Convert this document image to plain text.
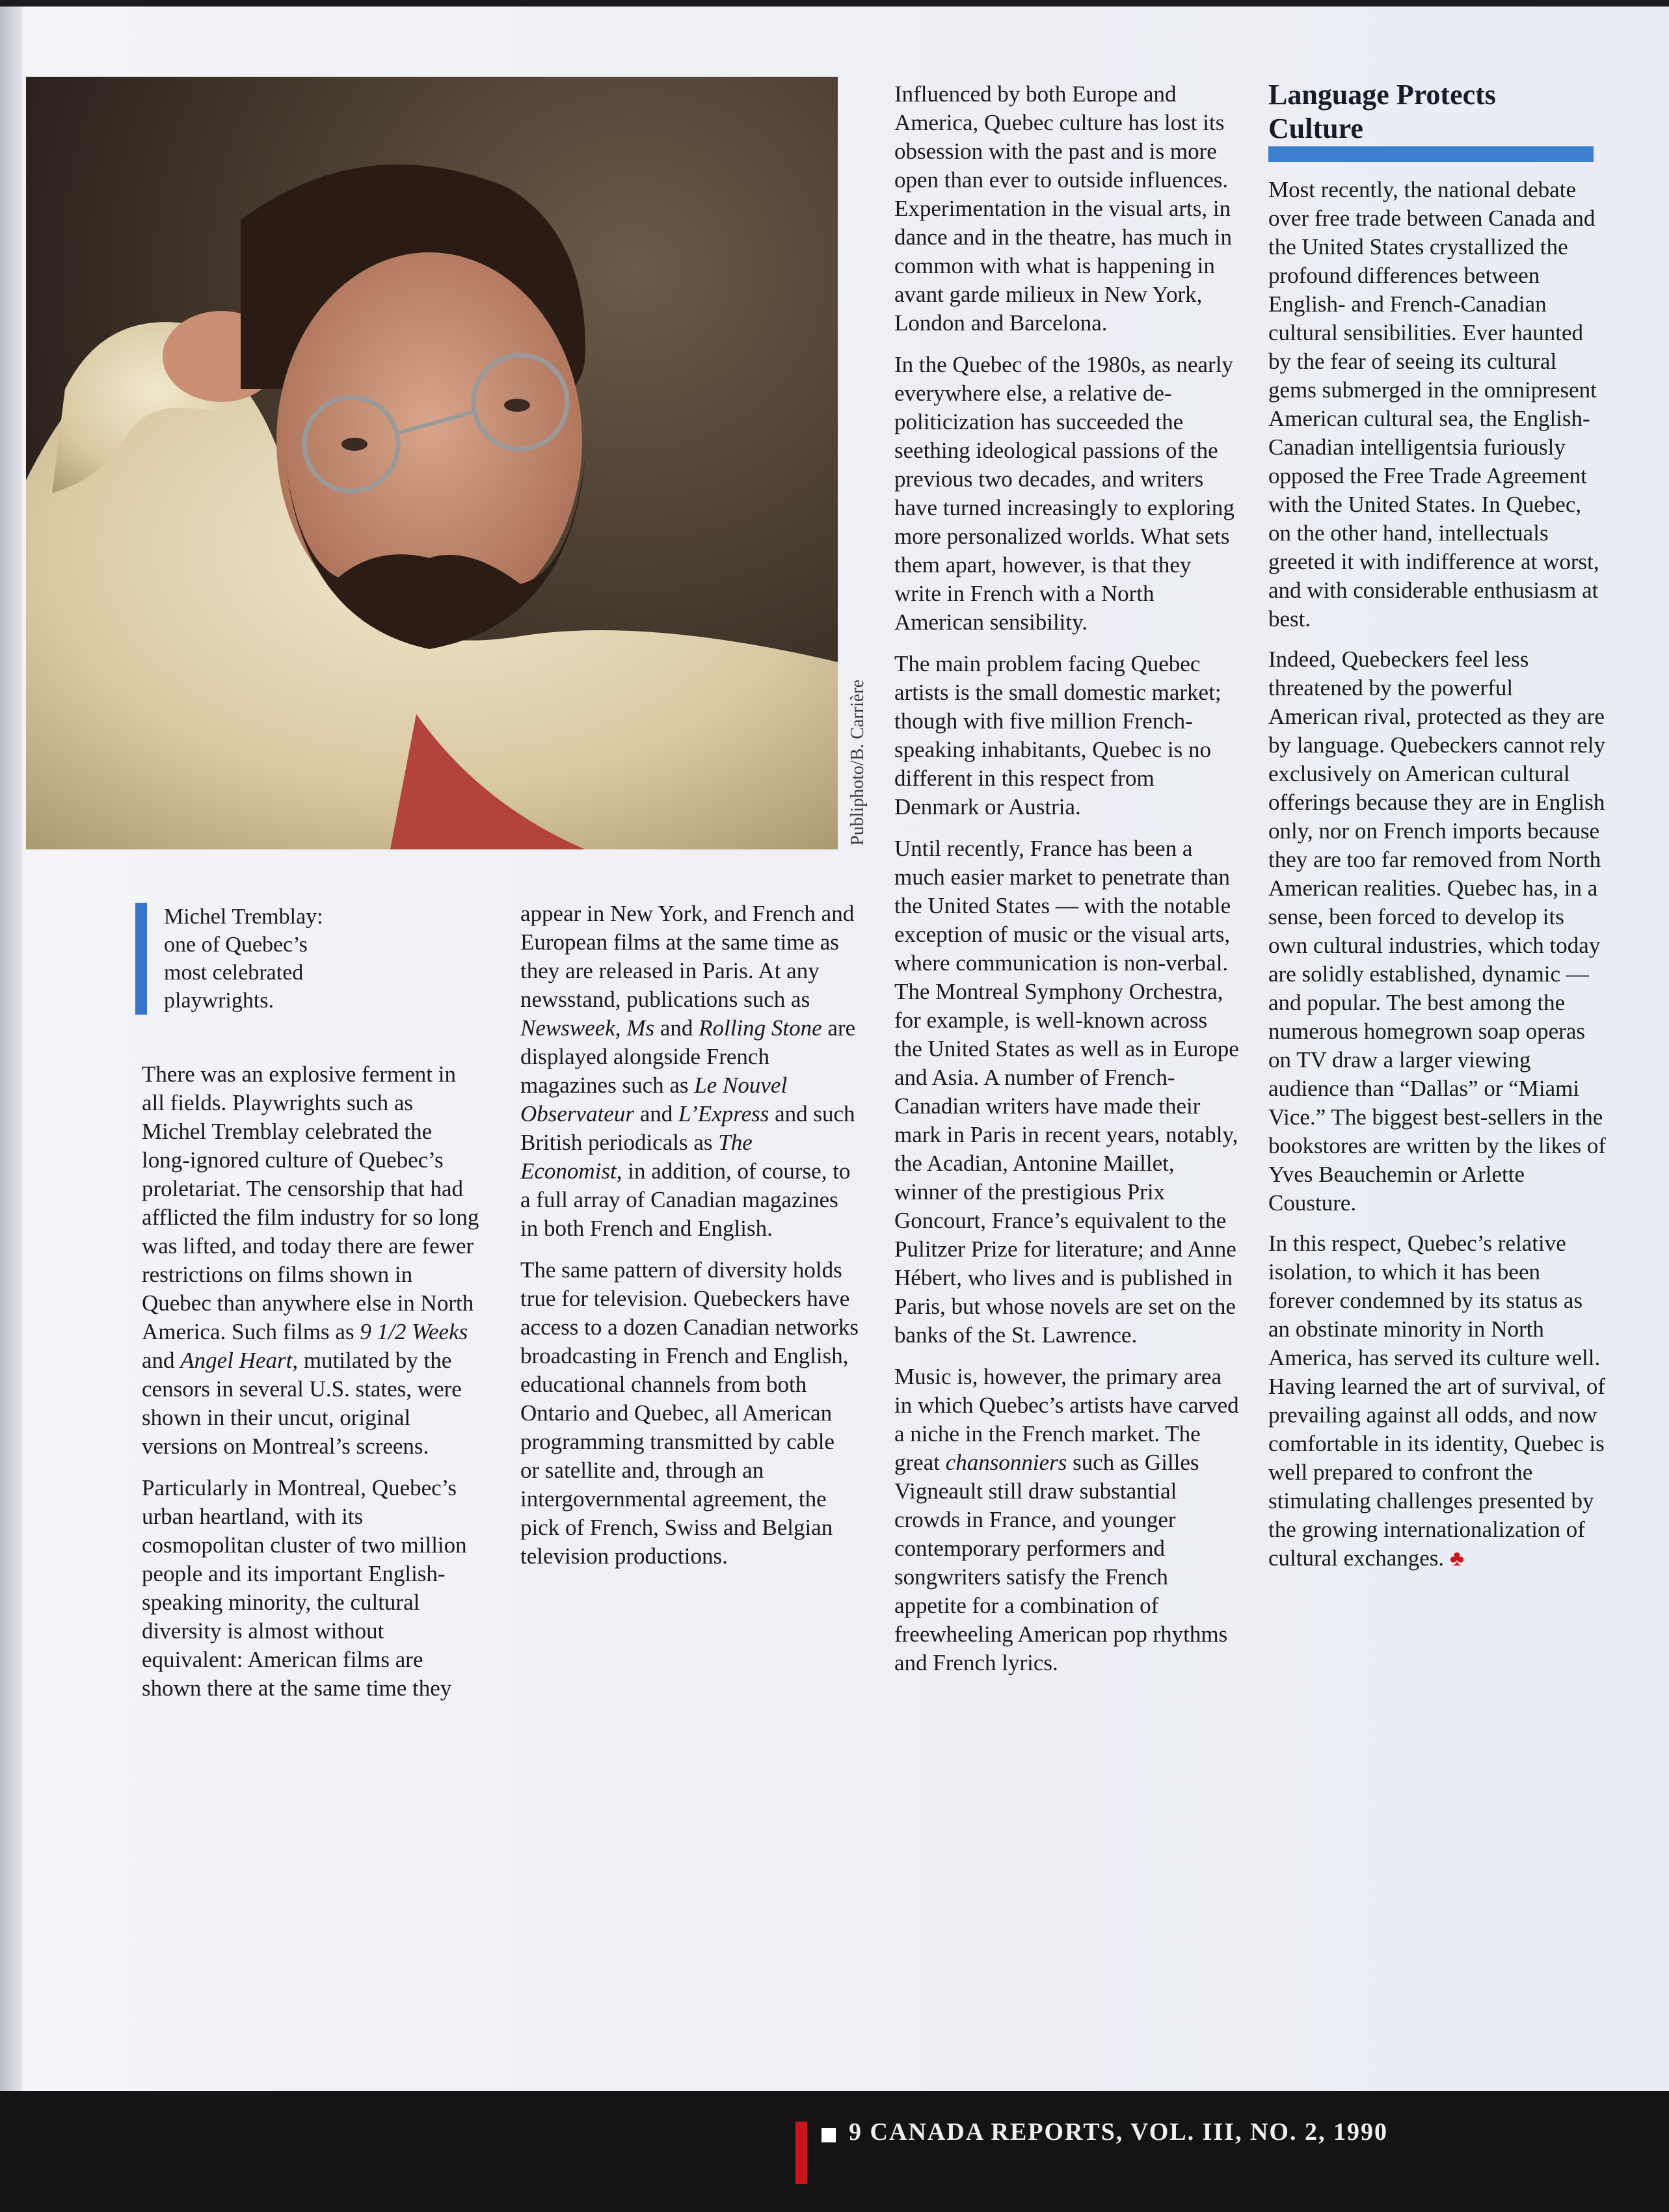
Publiphoto/B. Carrière
Michel Tremblay:
one of Quebec’s
most celebrated
playwrights.

There was an explosive ferment in all fields. Playwrights such as Michel Tremblay celebrated the long-ignored culture of Quebec’s proletariat. The censorship that had afflicted the film industry for so long was lifted, and today there are fewer restrictions on films shown in Quebec than anywhere else in North America. Such films as 9 1/2 Weeks and Angel Heart, mutilated by the censors in several U.S. states, were shown in their uncut, original versions on Montreal’s screens.

Particularly in Montreal, Quebec’s urban heartland, with its cosmopolitan cluster of two million people and its important English-speaking minority, the cultural diversity is almost without equivalent: American films are shown there at the same time they

appear in New York, and French and European films at the same time as they are released in Paris. At any newsstand, publications such as Newsweek, Ms and Rolling Stone are displayed alongside French magazines such as Le Nouvel Observateur and L’Express and such British periodicals as The Economist, in addition, of course, to a full array of Canadian magazines in both French and English.

The same pattern of diversity holds true for television. Quebeckers have access to a dozen Canadian networks broadcasting in French and English, educational channels from both Ontario and Quebec, all American programming transmitted by cable or satellite and, through an intergovernmental agreement, the pick of French, Swiss and Belgian television productions.

Influenced by both Europe and America, Quebec culture has lost its obsession with the past and is more open than ever to outside influences. Experimentation in the visual arts, in dance and in the theatre, has much in common with what is happening in avant garde milieux in New York, London and Barcelona.

In the Quebec of the 1980s, as nearly everywhere else, a relative de-politicization has succeeded the seething ideological passions of the previous two decades, and writers have turned increasingly to exploring more personalized worlds. What sets them apart, however, is that they write in French with a North American sensibility.

The main problem facing Quebec artists is the small domestic market; though with five million French-speaking inhabitants, Quebec is no different in this respect from Denmark or Austria.

Until recently, France has been a much easier market to penetrate than the United States — with the notable exception of music or the visual arts, where communication is non-verbal. The Montreal Symphony Orchestra, for example, is well-known across the United States as well as in Europe and Asia. A number of French-Canadian writers have made their mark in Paris in recent years, notably, the Acadian, Antonine Maillet, winner of the prestigious Prix Goncourt, France’s equivalent to the Pulitzer Prize for literature; and Anne Hébert, who lives and is published in Paris, but whose novels are set on the banks of the St. Lawrence.

Music is, however, the primary area in which Quebec’s artists have carved a niche in the French market. The great chansonniers such as Gilles Vigneault still draw substantial crowds in France, and younger contemporary performers and songwriters satisfy the French appetite for a combination of freewheeling American pop rhythms and French lyrics.

Language Protects
Culture

Most recently, the national debate over free trade between Canada and the United States crystallized the profound differences between English- and French-Canadian cultural sensibilities. Ever haunted by the fear of seeing its cultural gems submerged in the omnipresent American cultural sea, the English-Canadian intelligentsia furiously opposed the Free Trade Agreement with the United States. In Quebec, on the other hand, intellectuals greeted it with indifference at worst, and with considerable enthusiasm at best.

Indeed, Quebeckers feel less threatened by the powerful American rival, protected as they are by language. Quebeckers cannot rely exclusively on American cultural offerings because they are in English only, nor on French imports because they are too far removed from North American realities. Quebec has, in a sense, been forced to develop its own cultural industries, which today are solidly established, dynamic — and popular. The best among the numerous homegrown soap operas on TV draw a larger viewing audience than “Dallas” or “Miami Vice.” The biggest best-sellers in the bookstores are written by the likes of Yves Beauchemin or Arlette Cousture.

In this respect, Quebec’s relative isolation, to which it has been forever condemned by its status as an obstinate minority in North America, has served its culture well. Having learned the art of survival, of prevailing against all odds, and now comfortable in its identity, Quebec is well prepared to confront the stimulating challenges presented by the growing internationalization of cultural exchanges. ♣

9 CANADA REPORTS, VOL. III, NO. 2, 1990
